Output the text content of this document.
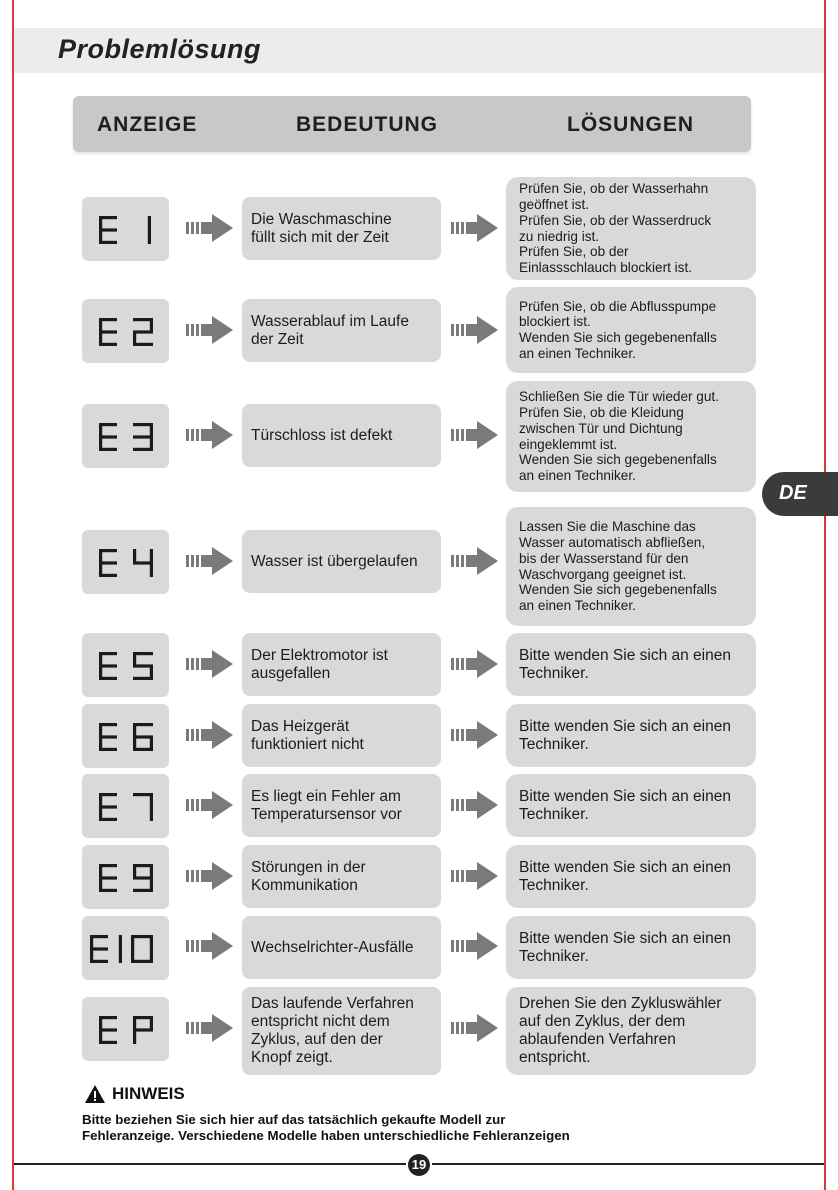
Problemlösung
ANZEIGE	BEDEUTUNG	LÖSUNGEN
DE
Die Waschmaschine
füllt sich mit der Zeit
Prüfen Sie, ob der Wasserhahn
geöffnet ist.
Prüfen Sie, ob der Wasserdruck
zu niedrig ist.
Prüfen Sie, ob der
Einlassschlauch blockiert ist.
Wasserablauf im Laufe
der Zeit
Prüfen Sie, ob die Abflusspumpe
blockiert ist.
Wenden Sie sich gegebenenfalls
an einen Techniker.
Türschloss ist defekt
Schließen Sie die Tür wieder gut.
Prüfen Sie, ob die Kleidung
zwischen Tür und Dichtung
eingeklemmt ist.
Wenden Sie sich gegebenenfalls
an einen Techniker.
Wasser ist übergelaufen
Lassen Sie die Maschine das
Wasser automatisch abfließen,
bis der Wasserstand für den
Waschvorgang geeignet ist.
Wenden Sie sich gegebenenfalls
an einen Techniker.
Der Elektromotor ist
ausgefallen
Bitte wenden Sie sich an einen
Techniker.
Das Heizgerät
funktioniert nicht
Bitte wenden Sie sich an einen
Techniker.
Es liegt ein Fehler am
Temperatursensor vor
Bitte wenden Sie sich an einen
Techniker.
Störungen in der
Kommunikation
Bitte wenden Sie sich an einen
Techniker.
Wechselrichter-Ausfälle
Bitte wenden Sie sich an einen
Techniker.
Das laufende Verfahren
entspricht nicht dem
Zyklus, auf den der
Knopf zeigt.
Drehen Sie den Zykluswähler
auf den Zyklus, der dem
ablaufenden Verfahren
entspricht.
HINWEIS
Bitte beziehen Sie sich hier auf das tatsächlich gekaufte Modell zur
Fehleranzeige. Verschiedene Modelle haben unterschiedliche Fehleranzeigen
19
